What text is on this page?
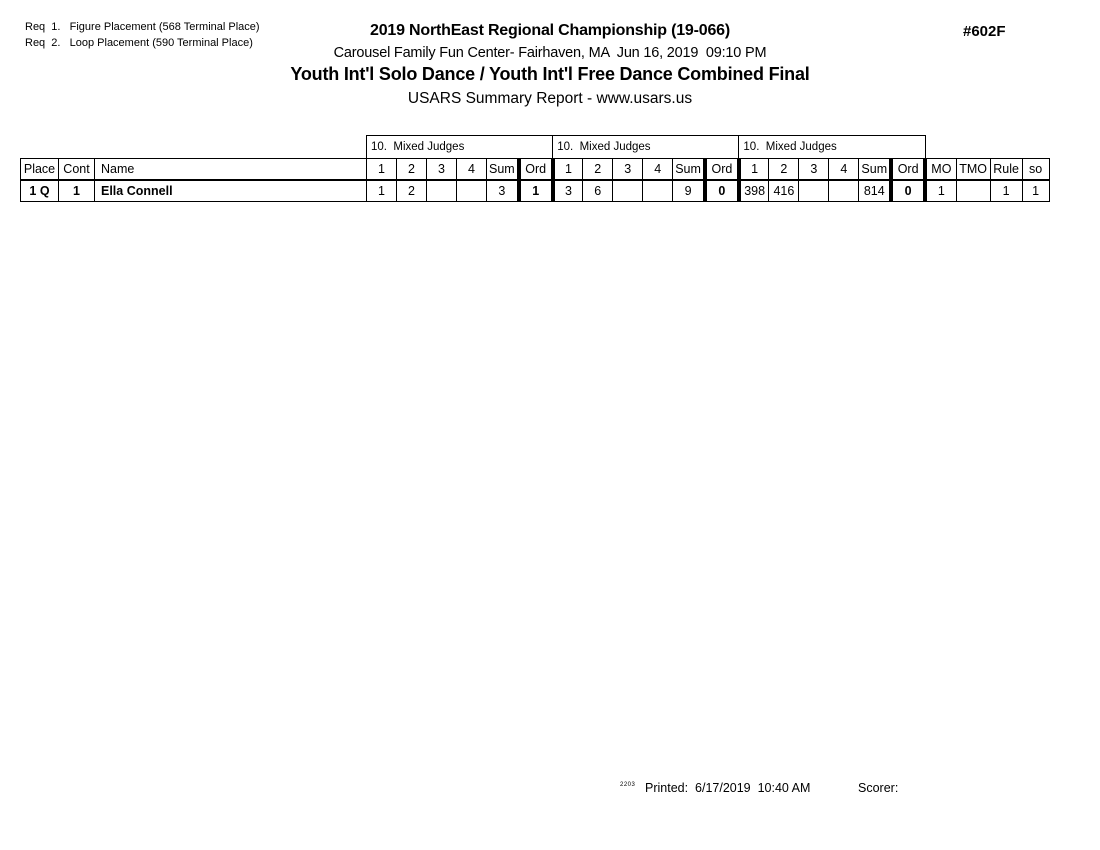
Req  1.   Figure Placement (568 Terminal Place)
Req  2.   Loop Placement (590 Terminal Place)
2019 NorthEast Regional Championship (19-066)	#602F
Carousel Family Fun Center- Fairhaven, MA  Jun 16, 2019  09:10 PM
Youth Int'l Solo Dance / Youth Int'l Free Dance Combined Final
USARS Summary Report - www.usars.us
			10.  Mixed Judges						10.  Mixed Judges						10.  Mixed Judges									
Place	Cont	Name	1	2	3	4	Sum	Ord	1	2	3	4	Sum	Ord	1	2	3	4	Sum	Ord	MO	TMO	Rule	so
1 Q	1	Ella Connell	1	2			3	1	3	6			9	0	398	416			814	0	1		1	1
2203 Printed:  6/17/2019  10:40 AM	Scorer:
